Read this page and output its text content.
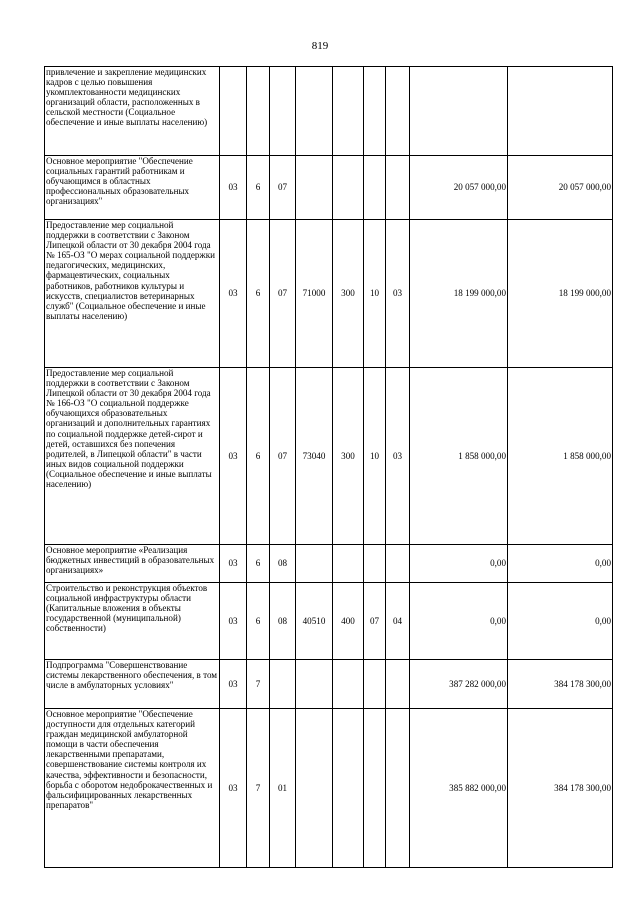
819
привлечение и закрепление медицинских кадров с целью повышения укомплектованности медицинских организаций области, расположенных в сельской местности (Социальное обеспечение и иные выплаты населению)									
Основное мероприятие "Обеспечение социальных гарантий работникам и обучающимся в областных профессиональных образовательных организациях"	03	6	07					20 057 000,00	20 057 000,00
Предоставление мер социальной поддержки в соответствии с Законом Липецкой области от 30 декабря 2004 года № 165-ОЗ "О мерах социальной поддержки педагогических, медицинских, фармацевтических, социальных работников, работников культуры и искусств, специалистов ветеринарных служб" (Социальное обеспечение и иные выплаты населению)	03	6	07	71000	300	10	03	18 199 000,00	18 199 000,00
Предоставление мер социальной поддержки в соответствии с Законом Липецкой области от 30 декабря 2004 года № 166-ОЗ "О социальной поддержке обучающихся образовательных организаций и дополнительных гарантиях по социальной поддержке детей-сирот и детей, оставшихся без попечения родителей, в Липецкой области" в части иных видов социальной поддержки (Социальное обеспечение и иные выплаты населению)	03	6	07	73040	300	10	03	1 858 000,00	1 858 000,00
Основное мероприятие «Реализация бюджетных инвестиций в образовательных организациях»	03	6	08					0,00	0,00
Строительство и реконструкция объектов социальной инфраструктуры области (Капитальные вложения в объекты государственной (муниципальной) собственности)	03	6	08	40510	400	07	04	0,00	0,00
Подпрограмма "Совершенствование системы лекарственного обеспечения, в том числе в амбулаторных условиях"	03	7						387 282 000,00	384 178 300,00
Основное мероприятие "Обеспечение доступности для отдельных категорий граждан медицинской амбулаторной помощи в части обеспечения лекарственными препаратами, совершенствование системы контроля их качества, эффективности и безопасности, борьба с оборотом недоброкачественных и фальсифицированных лекарственных препаратов"	03	7	01					385 882 000,00	384 178 300,00
